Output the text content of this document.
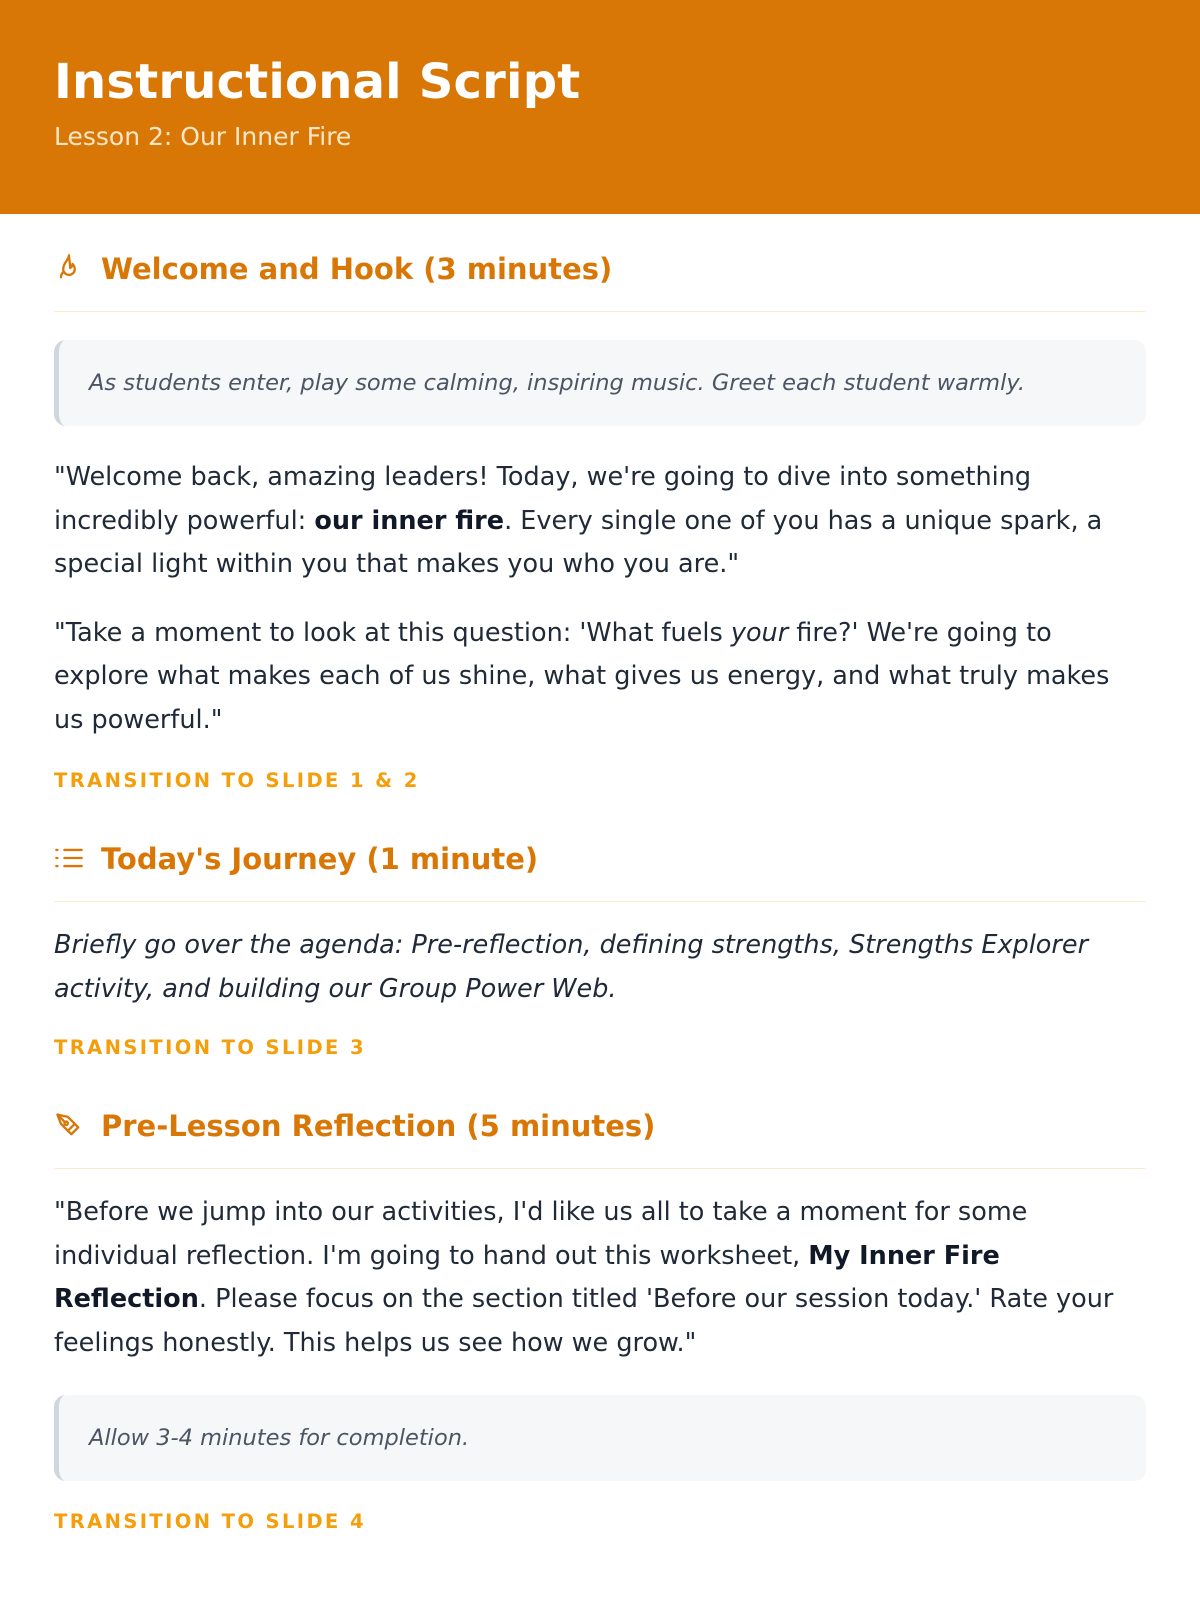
Instructional Script
Lesson 2: Our Inner Fire
Welcome and Hook (3 minutes)
As students enter, play some calming, inspiring music. Greet each student warmly.

"Welcome back, amazing leaders! Today, we're going to dive into something incredibly powerful: our inner fire. Every single one of you has a unique spark, a special light within you that makes you who you are."

"Take a moment to look at this question: 'What fuels your fire?' We're going to explore what makes each of us shine, what gives us energy, and what truly makes us powerful."

TRANSITION TO SLIDE 1 & 2
Today's Journey (1 minute)

Briefly go over the agenda: Pre-reflection, defining strengths, Strengths Explorer activity, and building our Group Power Web.

TRANSITION TO SLIDE 3
Pre-Lesson Reflection (5 minutes)

"Before we jump into our activities, I'd like us all to take a moment for some individual reflection. I'm going to hand out this worksheet, My Inner Fire Reflection. Please focus on the section titled 'Before our session today.' Rate your feelings honestly. This helps us see how we grow."

Allow 3-4 minutes for completion.
TRANSITION TO SLIDE 4
